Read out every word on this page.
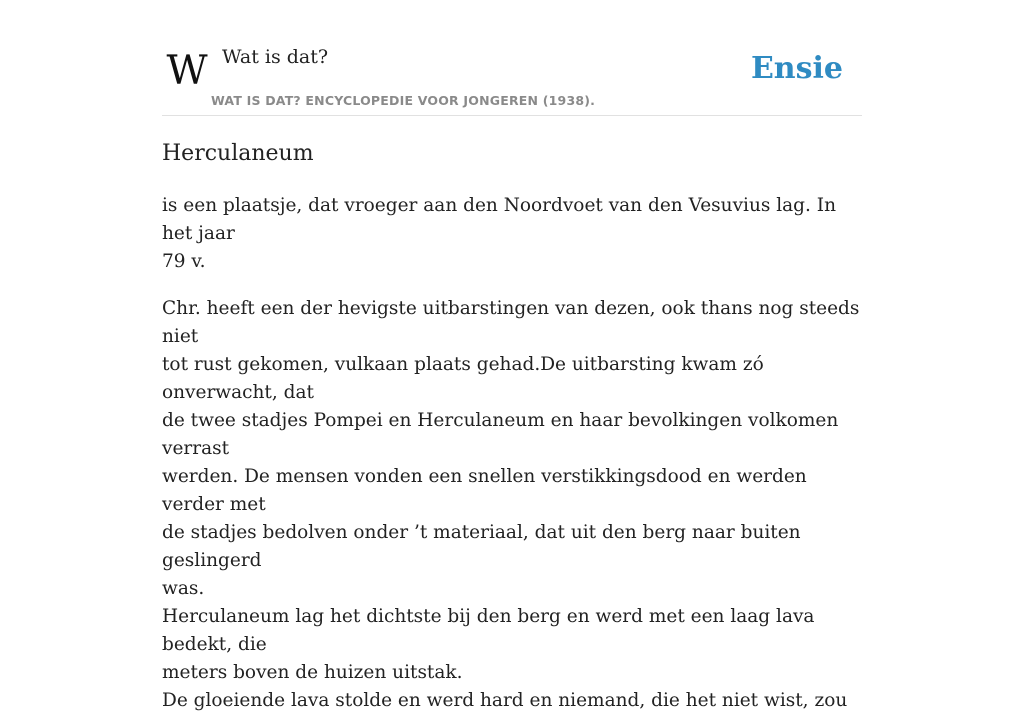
W Wat is dat?
WAT IS DAT? ENCYCLOPEDIE VOOR JONGEREN (1938).
Ensie
Herculaneum

is een plaatsje, dat vroeger aan den Noordvoet van den Vesuvius lag. In het jaar
79 v.

Chr. heeft een der hevigste uitbarstingen van dezen, ook thans nog steeds niet
tot rust gekomen, vulkaan plaats gehad.De uitbarsting kwam zó onverwacht, dat
de twee stadjes Pompei en Herculaneum en haar bevolkingen volkomen verrast
werden. De mensen vonden een snellen verstikkingsdood en werden verder met
de stadjes bedolven onder ’t materiaal, dat uit den berg naar buiten geslingerd
was.
Herculaneum lag het dichtste bij den berg en werd met een laag lava bedekt, die
meters boven de huizen uitstak.
De gloeiende lava stolde en werd hard en niemand, die het niet wist, zou
